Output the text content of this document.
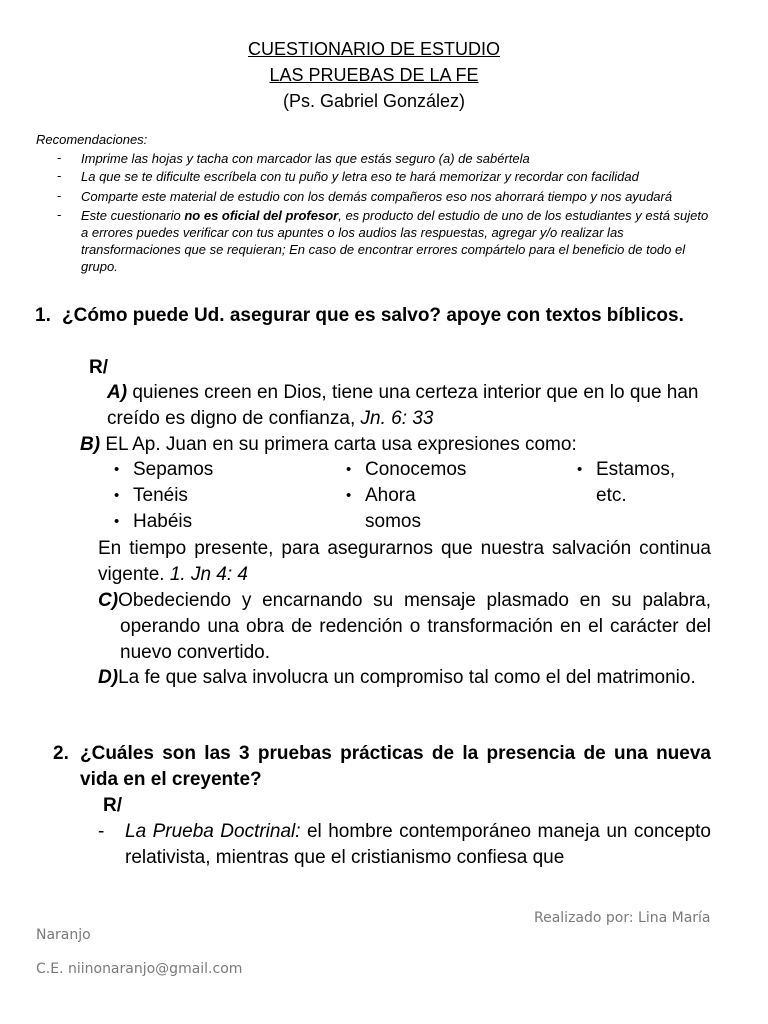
CUESTIONARIO DE ESTUDIO
LAS PRUEBAS DE LA FE
(Ps. Gabriel González)
Recomendaciones:
- Imprime las hojas y tacha con marcador las que estás seguro (a) de sabértela
- La que se te dificulte escríbela con tu puño y letra eso te hará memorizar y recordar con facilidad
- Comparte este material de estudio con los demás compañeros eso nos ahorrará tiempo y nos ayudará
- Este cuestionario no es oficial del profesor, es producto del estudio de uno de los estudiantes y está sujeto a errores puedes verificar con tus apuntes o los audios las respuestas, agregar y/o realizar las transformaciones que se requieran; En caso de encontrar errores compártelo para el beneficio de todo el grupo.
1. ¿Cómo puede Ud. asegurar que es salvo? apoye con textos bíblicos.
R/
A) quienes creen en Dios, tiene una certeza interior que en lo que han creído es digno de confianza, Jn. 6: 33
B) EL Ap. Juan en su primera carta usa expresiones como:
• Sepamos
• Tenéis
• Habéis
• Conocemos
• Ahora somos
• Estamos, etc.
En tiempo presente, para asegurarnos que nuestra salvación continua vigente. 1. Jn 4: 4
C)Obedeciendo y encarnando su mensaje plasmado en su palabra, operando una obra de redención o transformación en el carácter del nuevo convertido.
D)La fe que salva involucra un compromiso tal como el del matrimonio.
2. ¿Cuáles son las 3 pruebas prácticas de la presencia de una nueva vida en el creyente?
R/
- La Prueba Doctrinal: el hombre contemporáneo maneja un concepto relativista, mientras que el cristianismo confiesa que
Realizado por: Lina María
Naranjo
C.E. niinonaranjo@gmail.com
